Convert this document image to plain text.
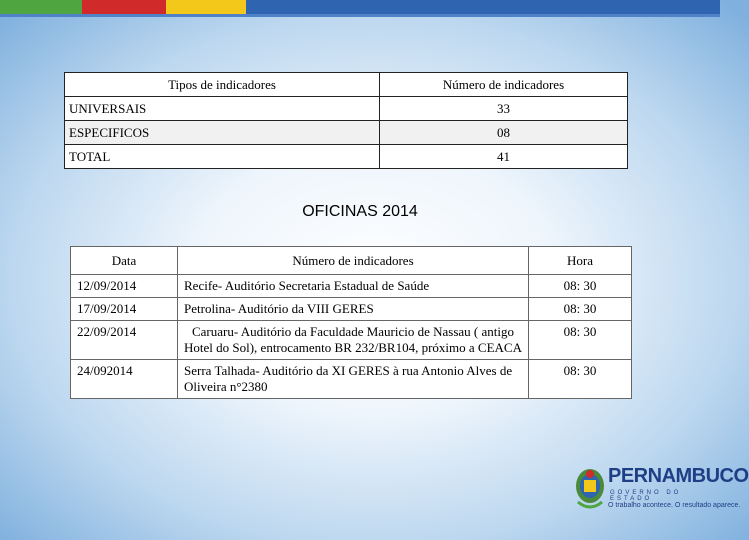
Tipos de indicadores	Número de indicadores
UNIVERSAIS	33
ESPECIFICOS	08
TOTAL	41
OFICINAS 2014
Data	Número de indicadores	Hora
12/09/2014	Recife- Auditório Secretaria Estadual de Saúde	08: 30
17/09/2014	Petrolina- Auditório da VIII GERES	08: 30
22/09/2014	Caruaru- Auditório da Faculdade Mauricio de Nassau ( antigo Hotel do Sol), entrocamento BR 232/BR104, próximo a CEACA	08: 30
24/092014	Serra Talhada- Auditório da XI GERES à rua Antonio Alves de Oliveira n°2380	08: 30
PERNAMBUCO
GOVERNO DO ESTADO
O trabalho acontece. O resultado aparece.
